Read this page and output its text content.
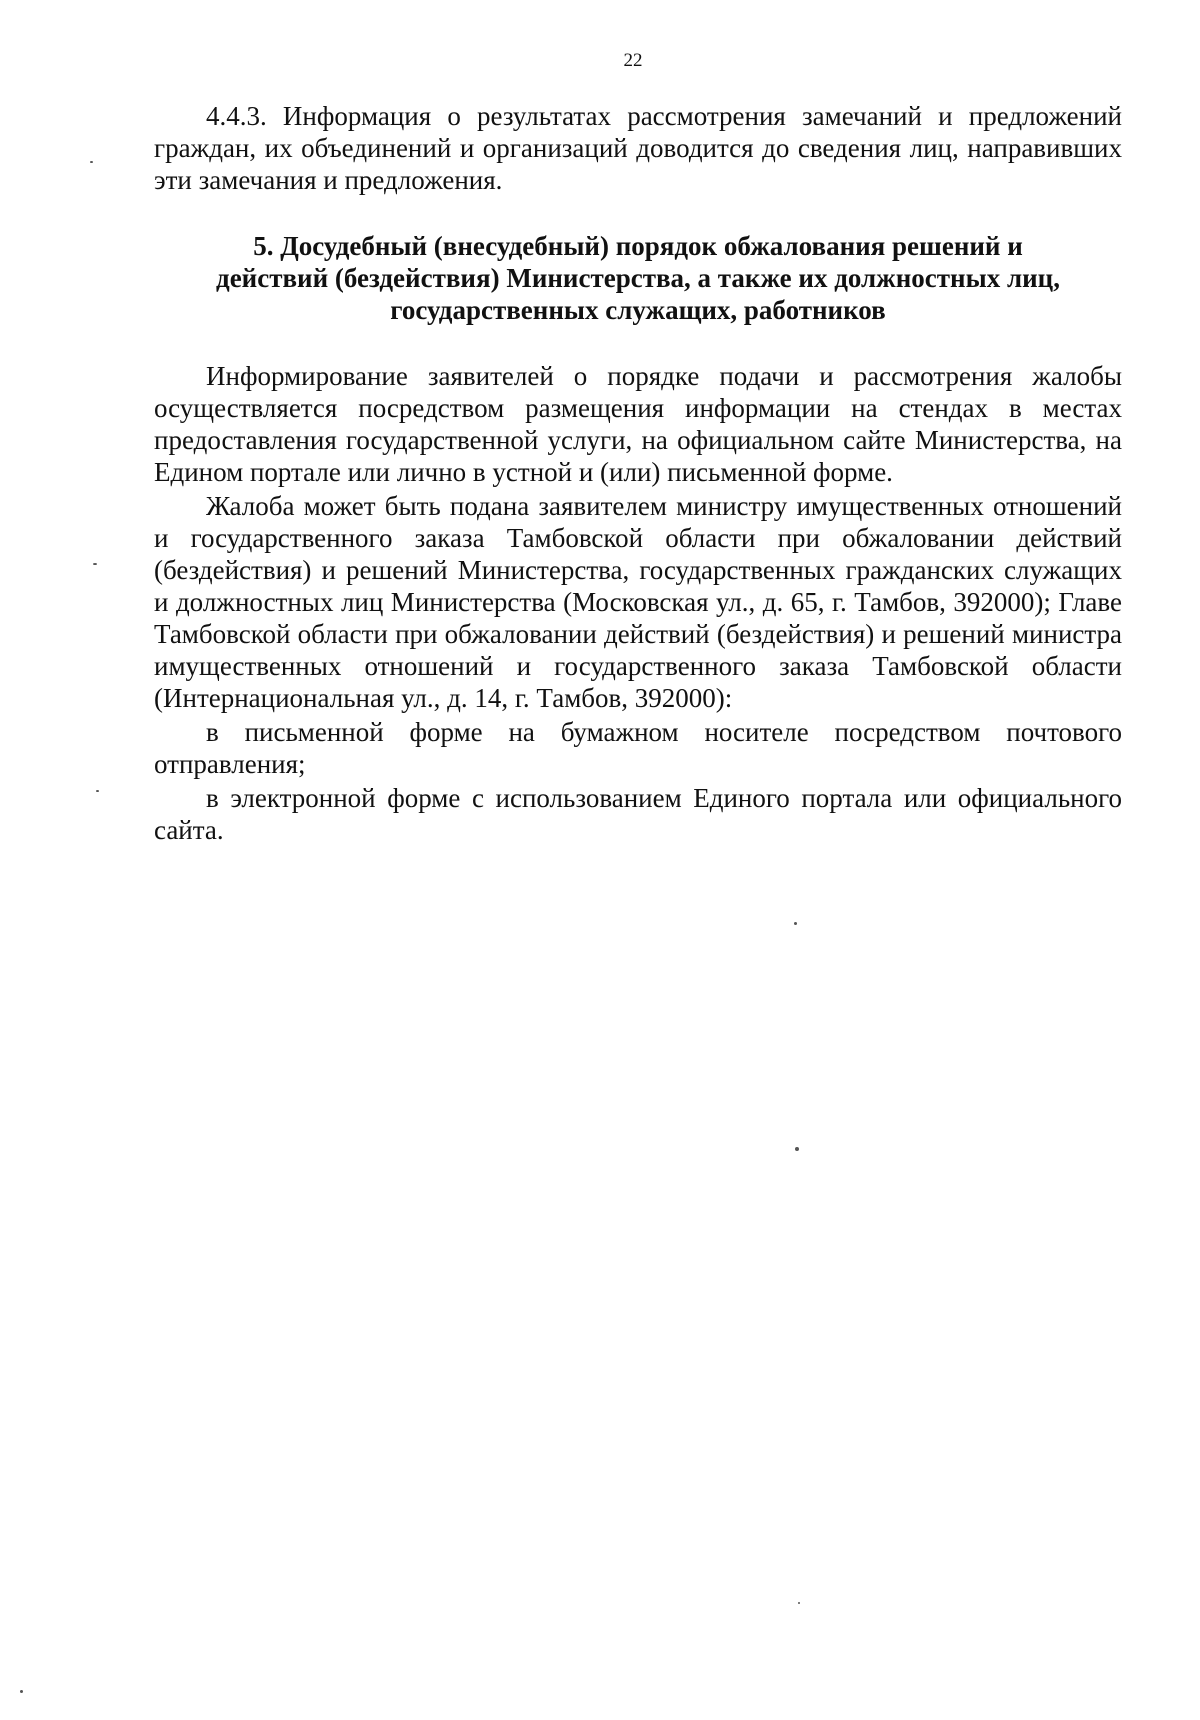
22

4.4.3. Информация о результатах рассмотрения замечаний и предложений граждан, их объединений и организаций доводится до сведения лиц, направивших эти замечания и предложения.

5. Досудебный (внесудебный) порядок обжалования решений и
действий (бездействия) Министерства, а также их должностных лиц,
государственных служащих, работников

Информирование заявителей о порядке подачи и рассмотрения жалобы осуществляется посредством размещения информации на стендах в местах предоставления государственной услуги, на официальном сайте Министерства, на Едином портале или лично в устной и (или) письменной форме.

Жалоба может быть подана заявителем министру имущественных отношений и государственного заказа Тамбовской области при обжаловании действий (бездействия) и решений Министерства, государственных гражданских служащих и должностных лиц Министерства (Московская ул., д. 65, г. Тамбов, 392000); Главе Тамбовской области при обжаловании действий (бездействия) и решений министра имущественных отношений и государственного заказа Тамбовской области (Интернациональная ул., д. 14, г. Тамбов, 392000):

в письменной форме на бумажном носителе посредством почтового отправления;

в электронной форме с использованием Единого портала или официального сайта.
